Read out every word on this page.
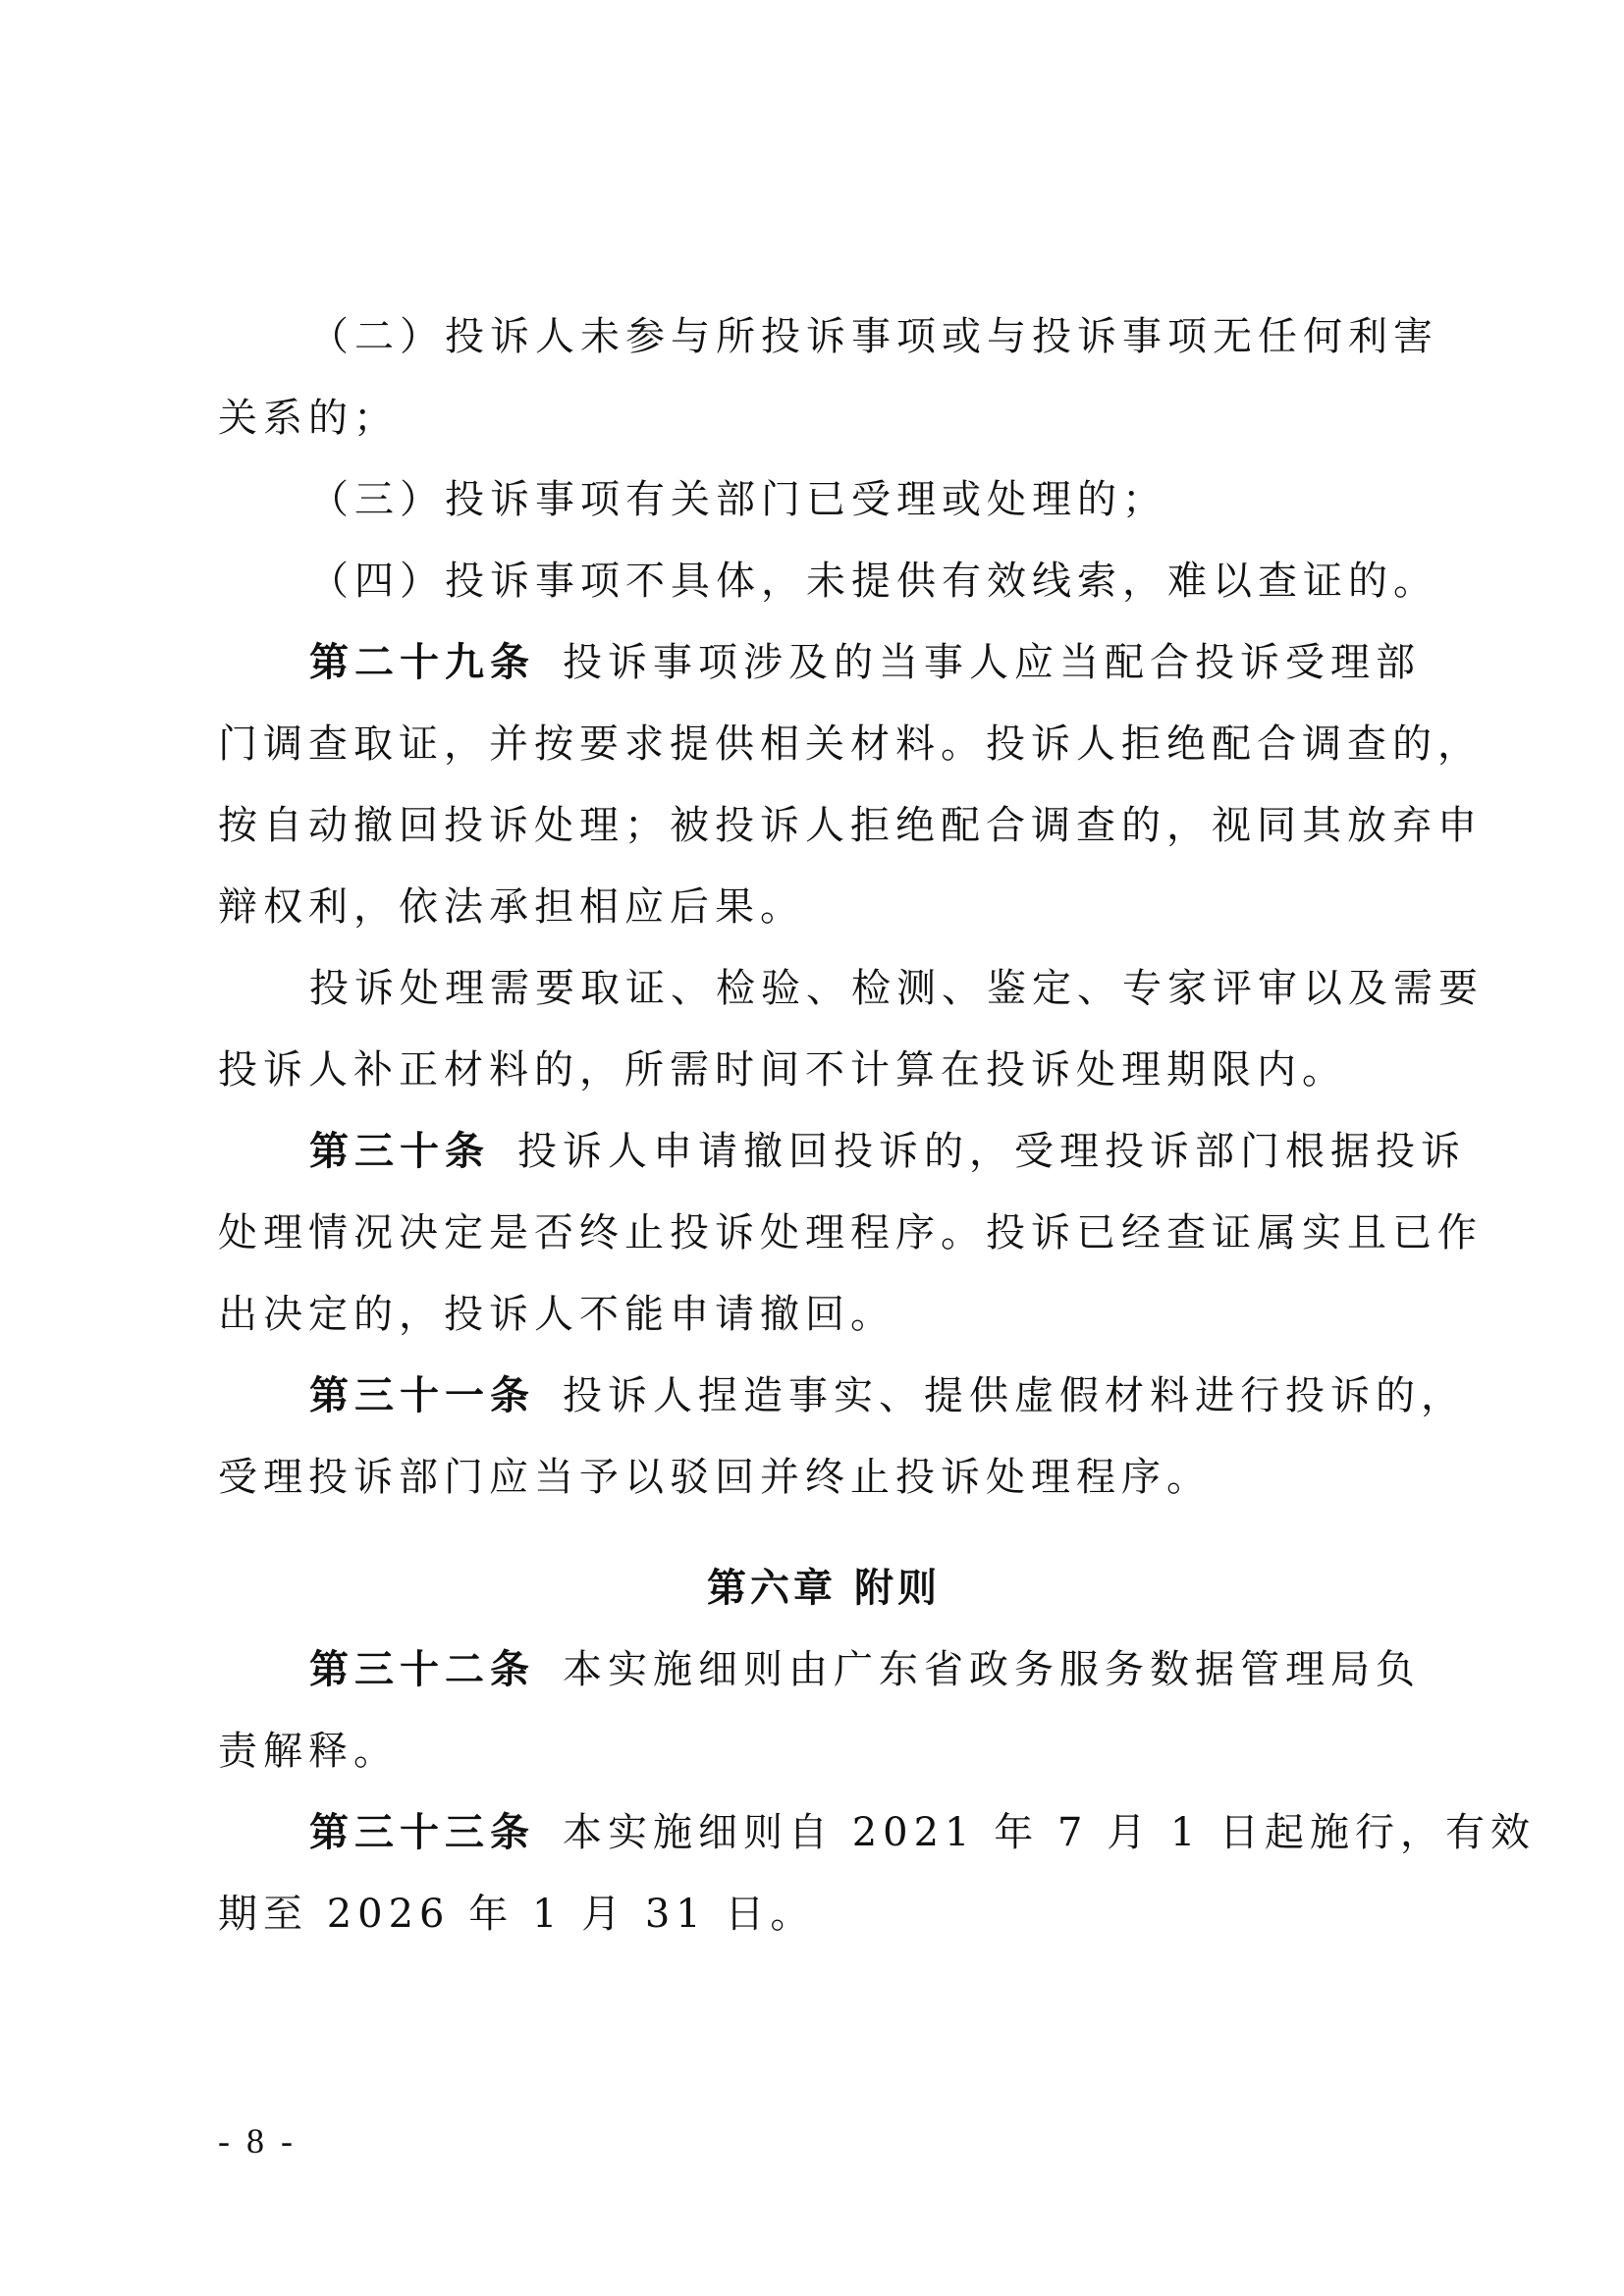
（二）投诉人未参与所投诉事项或与投诉事项无任何利害
关系的；
（三）投诉事项有关部门已受理或处理的；
（四）投诉事项不具体，未提供有效线索，难以查证的。
第二十九条 投诉事项涉及的当事人应当配合投诉受理部
门调查取证，并按要求提供相关材料。投诉人拒绝配合调查的，
按自动撤回投诉处理；被投诉人拒绝配合调查的，视同其放弃申
辩权利，依法承担相应后果。
投诉处理需要取证、检验、检测、鉴定、专家评审以及需要
投诉人补正材料的，所需时间不计算在投诉处理期限内。
第三十条 投诉人申请撤回投诉的，受理投诉部门根据投诉
处理情况决定是否终止投诉处理程序。投诉已经查证属实且已作
出决定的，投诉人不能申请撤回。
第三十一条 投诉人捏造事实、提供虚假材料进行投诉的，
受理投诉部门应当予以驳回并终止投诉处理程序。
第六章 附则
第三十二条 本实施细则由广东省政务服务数据管理局负
责解释。
第三十三条 本实施细则自 2021 年 7 月 1 日起施行，有效
期至 2026 年 1 月 31 日。
- 8 -
